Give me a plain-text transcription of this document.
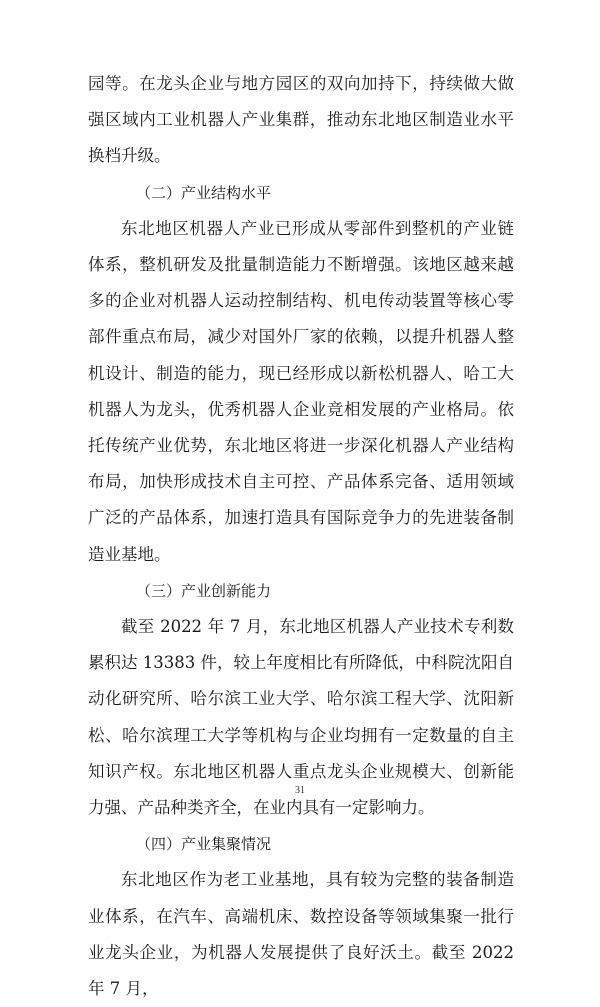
园等。在龙头企业与地方园区的双向加持下，持续做大做强区域内工业机器人产业集群，推动东北地区制造业水平换档升级。

（二）产业结构水平

东北地区机器人产业已形成从零部件到整机的产业链体系，整机研发及批量制造能力不断增强。该地区越来越多的企业对机器人运动控制结构、机电传动装置等核心零部件重点布局，减少对国外厂家的依赖，以提升机器人整机设计、制造的能力，现已经形成以新松机器人、哈工大机器人为龙头，优秀机器人企业竞相发展的产业格局。依托传统产业优势，东北地区将进一步深化机器人产业结构布局，加快形成技术自主可控、产品体系完备、适用领域广泛的产品体系，加速打造具有国际竞争力的先进装备制造业基地。

（三）产业创新能力

截至 2022 年 7 月，东北地区机器人产业技术专利数累积达 13383 件，较上年度相比有所降低，中科院沈阳自动化研究所、哈尔滨工业大学、哈尔滨工程大学、沈阳新松、哈尔滨理工大学等机构与企业均拥有一定数量的自主知识产权。东北地区机器人重点龙头企业规模大、创新能力强、产品种类齐全，在业内具有一定影响力。

（四）产业集聚情况

东北地区作为老工业基地，具有较为完整的装备制造业体系，在汽车、高端机床、数控设备等领域集聚一批行业龙头企业，为机器人发展提供了良好沃土。截至 2022 年 7 月，

31
